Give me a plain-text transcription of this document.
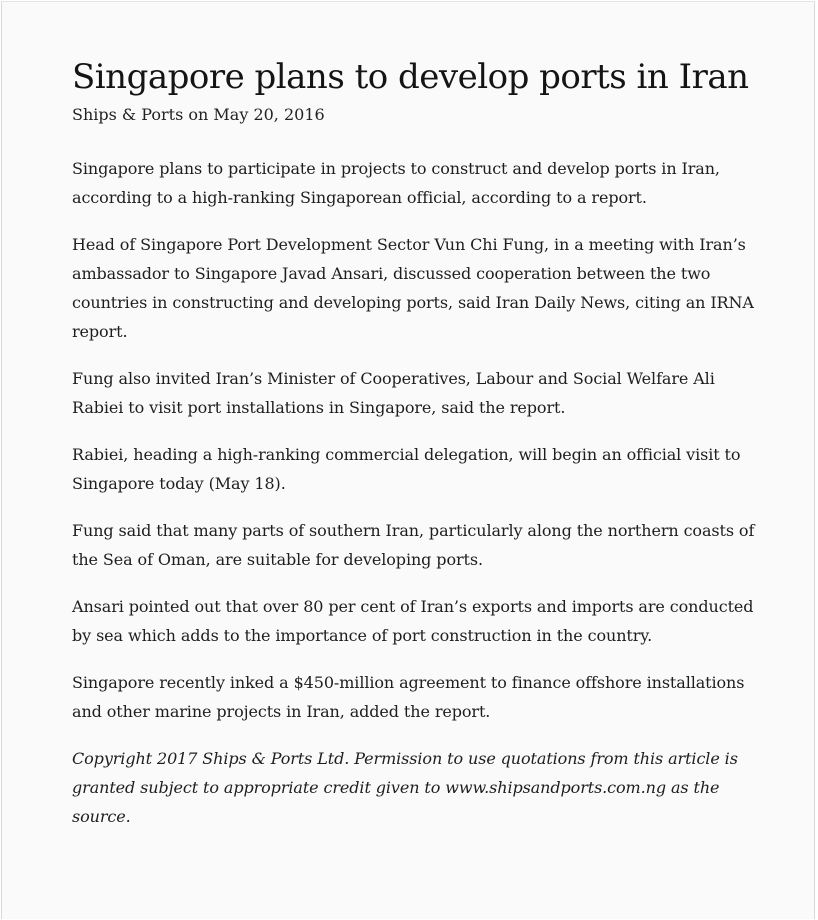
Singapore plans to develop ports in Iran
Ships & Ports on May 20, 2016

Singapore plans to participate in projects to construct and develop ports in Iran, according to a high-ranking Singaporean official, according to a report.

Head of Singapore Port Development Sector Vun Chi Fung, in a meeting with Iran’s ambassador to Singapore Javad Ansari, discussed cooperation between the two countries in constructing and developing ports, said Iran Daily News, citing an IRNA report.

Fung also invited Iran’s Minister of Cooperatives, Labour and Social Welfare Ali Rabiei to visit port installations in Singapore, said the report.

Rabiei, heading a high-ranking commercial delegation, will begin an official visit to Singapore today (May 18).

Fung said that many parts of southern Iran, particularly along the northern coasts of the Sea of Oman, are suitable for developing ports.

Ansari pointed out that over 80 per cent of Iran’s exports and imports are conducted by sea which adds to the importance of port construction in the country.

Singapore recently inked a $450-million agreement to finance offshore installations and other marine projects in Iran, added the report.

Copyright 2017 Ships & Ports Ltd. Permission to use quotations from this article is granted subject to appropriate credit given to www.shipsandports.com.ng as the source.
